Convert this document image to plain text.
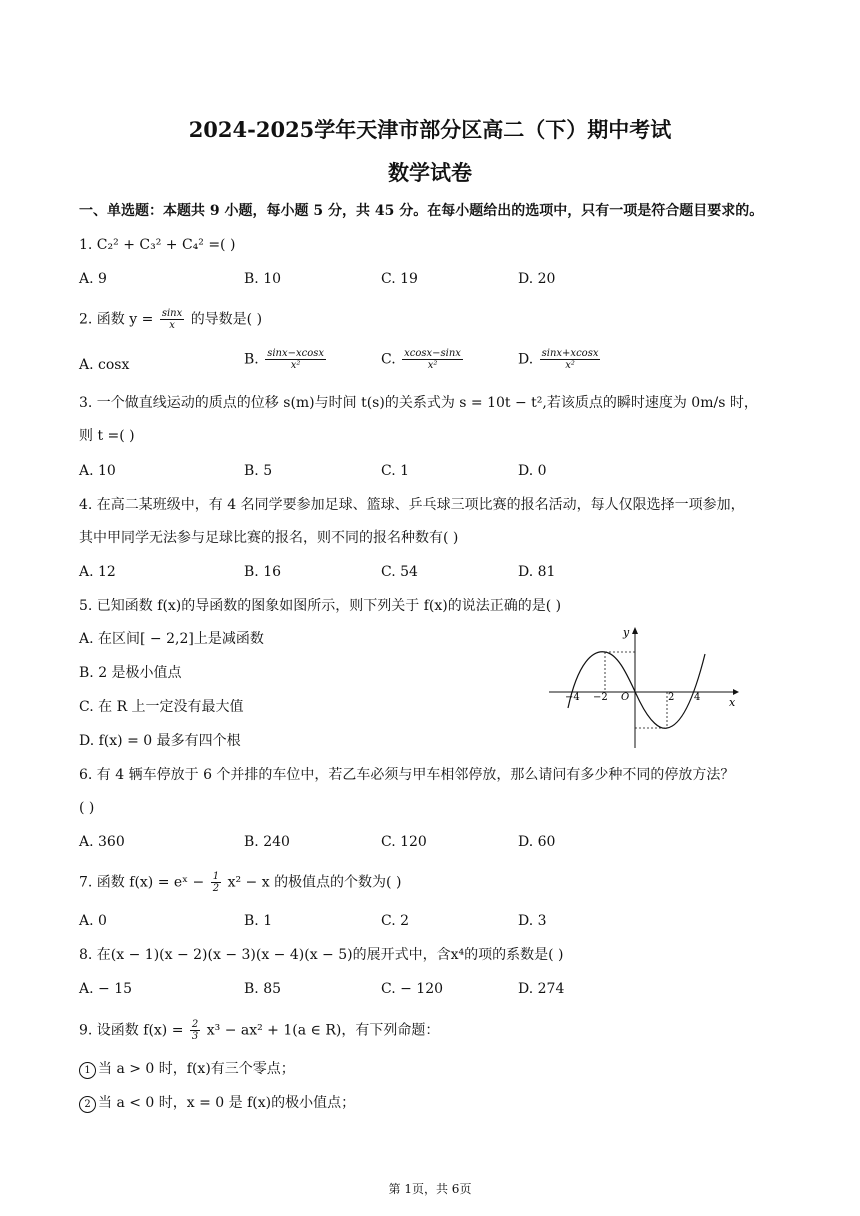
2024-2025学年天津市部分区高二（下）期中考试
数学试卷
一、单选题：本题共 9 小题，每小题 5 分，共 45 分。在每小题给出的选项中，只有一项是符合题目要求的。
1. C₂² + C₃² + C₄² =( )
A. 9	B. 10	C. 19	D. 20
2. 函数 $y = \frac{\sin x}{x}$ 的导数是( )
A. cosx	B. $\frac{\sin x-xcosx}{\text{x²}}$	C. $\frac{xcosx-\sin x}{\text{x²}}$	D. $\frac{\sin x+xcosx}{\text{x²}}$
3. 一个做直线运动的质点的位移 s(m)与时间 t(s)的关系式为 s = 10t − t²,若该质点的瞬时速度为 0m/s 时，
则 t =( )
A. 10	B. 5	C. 1	D. 0
4. 在高二某班级中，有 4 名同学要参加足球、篮球、乒乓球三项比赛的报名活动，每人仅限选择一项参加，
其中甲同学无法参与足球比赛的报名，则不同的报名种数有( )
A. 12	B. 16	C. 54	D. 81
5. 已知函数 f(x)的导函数的图象如图所示，则下列关于 f(x)的说法正确的是( )
A. 在区间[ − 2,2]上是减函数
B. 2 是极小值点
C. 在 R 上一定没有最大值
D. f(x) = 0 最多有四个根
y
x
−4 −2 O	2 4
6. 有 4 辆车停放于 6 个并排的车位中，若乙车必须与甲车相邻停放，那么请问有多少种不同的停放方法？
( )
A. 360	B. 240	C. 120	D. 60
7. 函数 f(x) = eˣ − $\frac{1}{2} x^2 - x$ 的极值点的个数为( )
A. 0	B. 1	C. 2	D. 3
8. 在(x − 1)(x − 2)(x − 3)(x − 4)(x − 5)的展开式中，含x⁴的项的系数是( )
A. − 15	B. 85	C. − 120	D. 274
9. 设函数 $f(x) = \frac{2}{3} x^3 - ax^2 + 1(a$ ∈ R)，有下列命题：
1 当 a > 0 时，f(x)有三个零点；
2 当 a < 0 时，x = 0 是 f(x)的极小值点；
第 1页，共 6页
